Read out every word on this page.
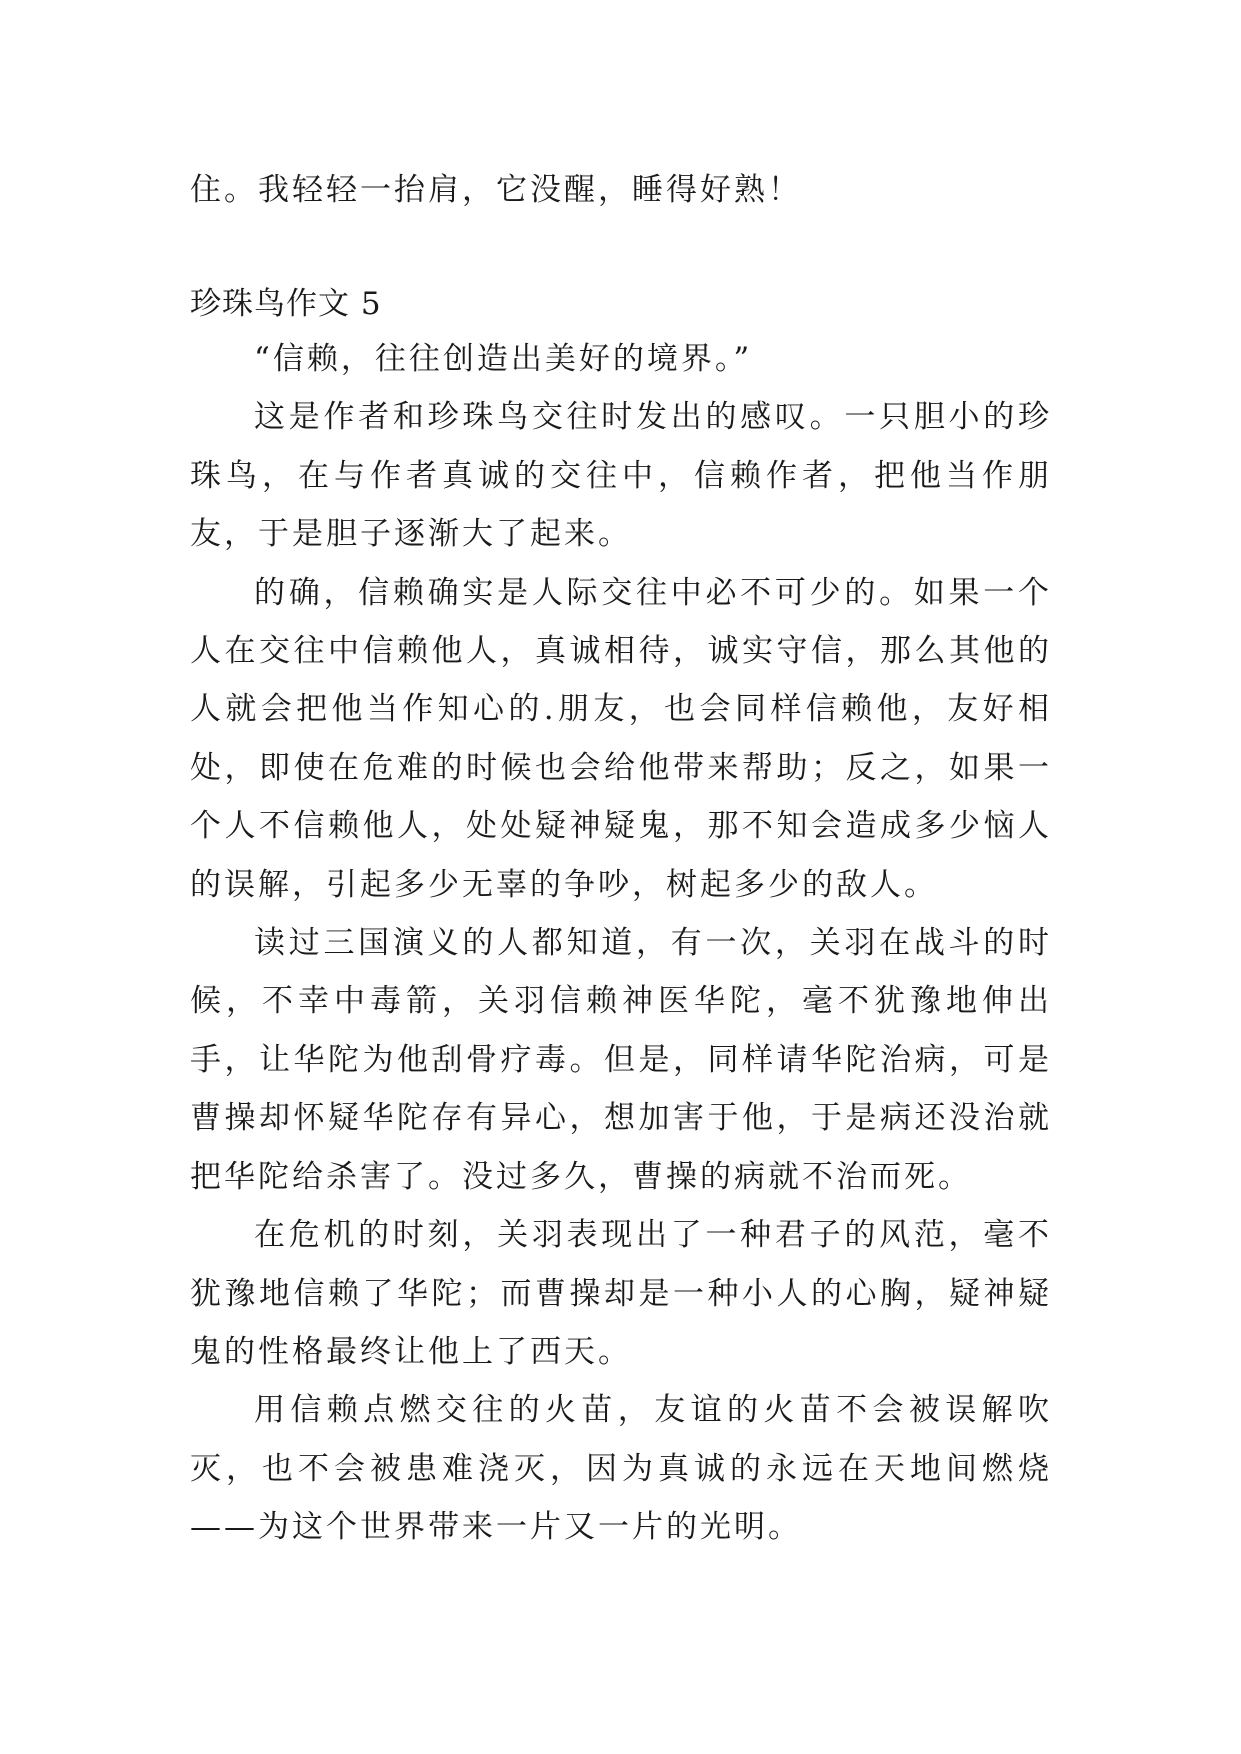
住。我轻轻一抬肩，它没醒，睡得好熟！
珍珠鸟作文 5

“信赖，往往创造出美好的境界。”

这是作者和珍珠鸟交往时发出的感叹。一只胆小的珍珠鸟，在与作者真诚的交往中，信赖作者，把他当作朋友，于是胆子逐渐大了起来。

的确，信赖确实是人际交往中必不可少的。如果一个人在交往中信赖他人，真诚相待，诚实守信，那么其他的人就会把他当作知心的.朋友，也会同样信赖他，友好相处，即使在危难的时候也会给他带来帮助；反之，如果一个人不信赖他人，处处疑神疑鬼，那不知会造成多少恼人的误解，引起多少无辜的争吵，树起多少的敌人。

读过三国演义的人都知道，有一次，关羽在战斗的时候，不幸中毒箭，关羽信赖神医华陀，毫不犹豫地伸出手，让华陀为他刮骨疗毒。但是，同样请华陀治病，可是曹操却怀疑华陀存有异心，想加害于他，于是病还没治就把华陀给杀害了。没过多久，曹操的病就不治而死。

在危机的时刻，关羽表现出了一种君子的风范，毫不犹豫地信赖了华陀；而曹操却是一种小人的心胸，疑神疑鬼的性格最终让他上了西天。

用信赖点燃交往的火苗，友谊的火苗不会被误解吹灭，也不会被患难浇灭，因为真诚的永远在天地间燃烧——为这个世界带来一片又一片的光明。
